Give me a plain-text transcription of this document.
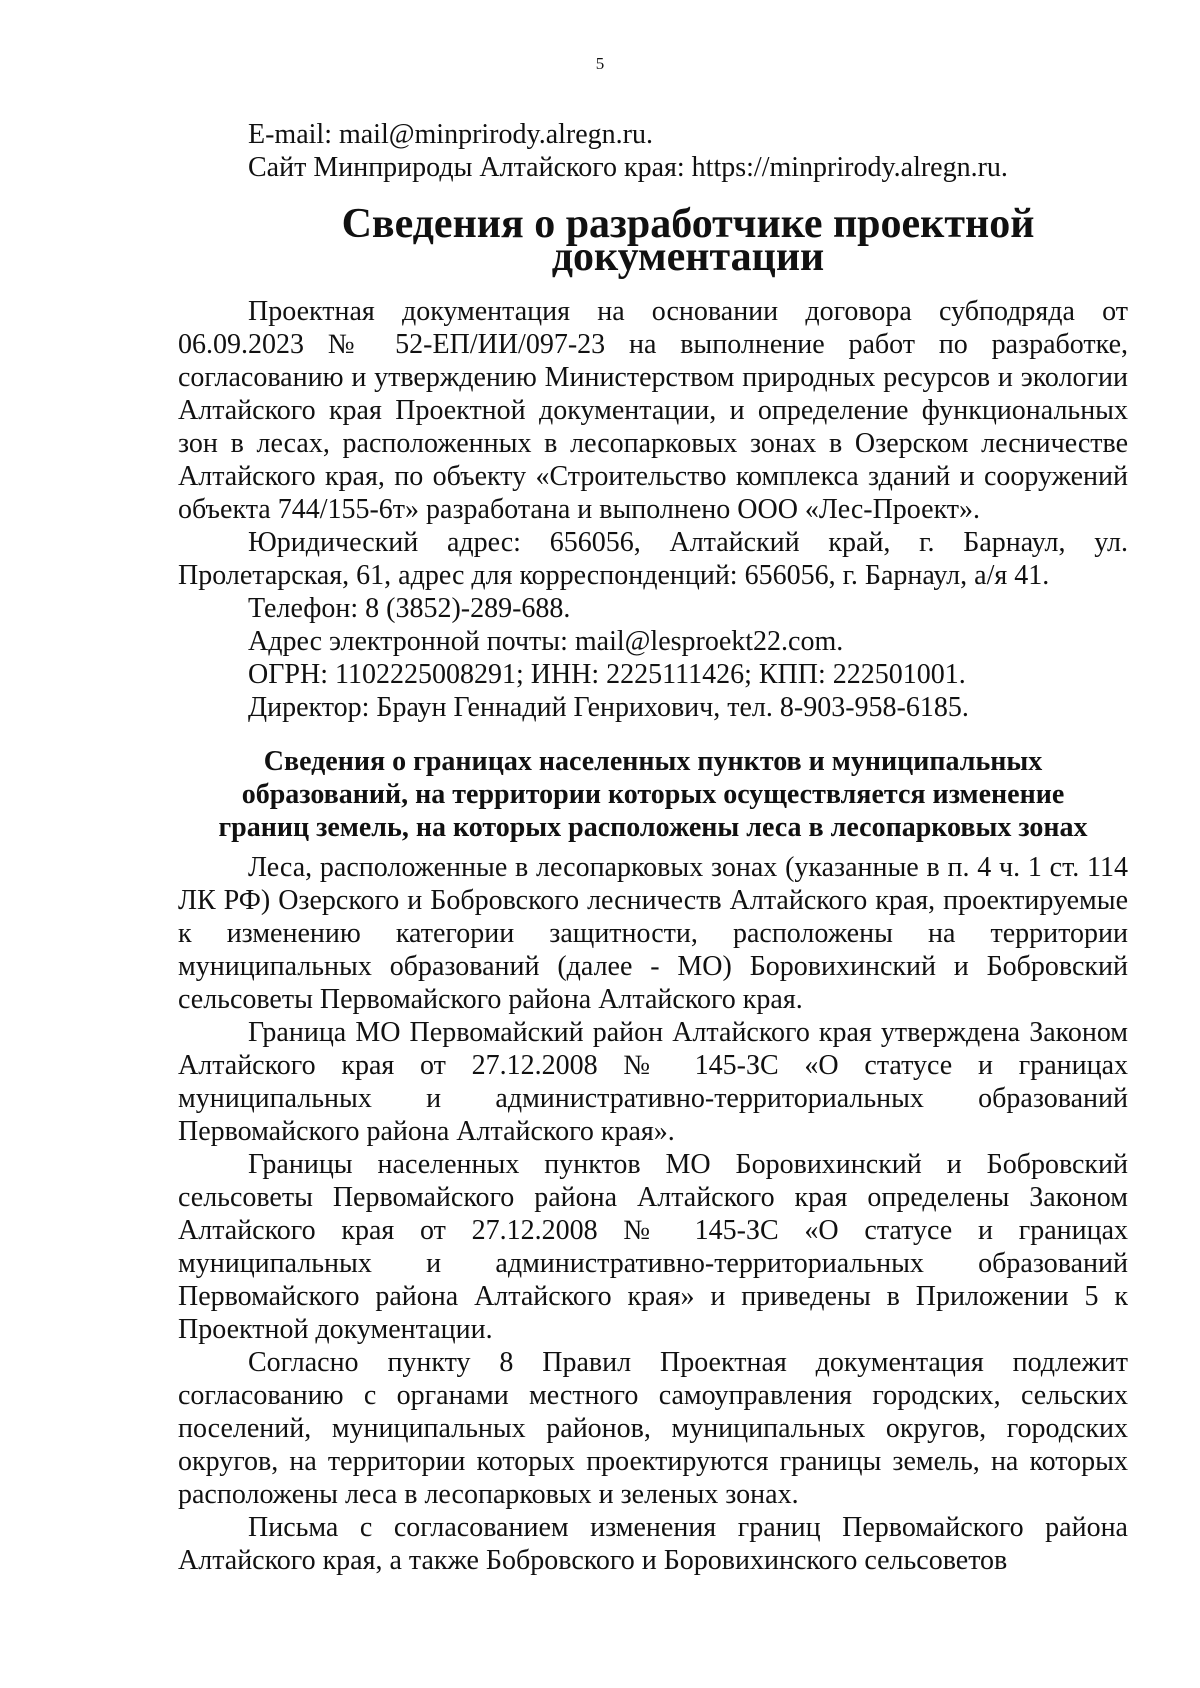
5

E-mail: mail@minprirody.alregn.ru.

Сайт Минприроды Алтайского края: https://minprirody.alregn.ru.

Сведения о разработчике проектной документации

Проектная документация на основании договора субподряда от 06.09.2023 № 52-ЕП/ИИ/097-23 на выполнение работ по разработке, согласованию и утверждению Министерством природных ресурсов и экологии Алтайского края Проектной документации, и определение функциональных зон в лесах, расположенных в лесопарковых зонах в Озерском лесничестве Алтайского края, по объекту «Строительство комплекса зданий и сооружений объекта 744/155-6т» разработана и выполнено ООО «Лес-Проект».

Юридический адрес: 656056, Алтайский край, г. Барнаул, ул. Пролетарская, 61, адрес для корреспонденций: 656056, г. Барнаул, а/я 41.

Телефон: 8 (3852)-289-688.

Адрес электронной почты: mail@lesproekt22.com.

ОГРН: 1102225008291; ИНН: 2225111426; КПП: 222501001.

Директор: Браун Геннадий Генрихович, тел. 8-903-958-6185.

Сведения о границах населенных пунктов и муниципальных
образований, на территории которых осуществляется изменение
границ земель, на которых расположены леса в лесопарковых зонах

Леса, расположенные в лесопарковых зонах (указанные в п. 4 ч. 1 ст. 114 ЛК РФ) Озерского и Бобровского лесничеств Алтайского края, проектируемые к изменению категории защитности, расположены на территории муниципальных образований (далее - МО) Боровихинский и Бобровский сельсоветы Первомайского района Алтайского края.

Граница МО Первомайский район Алтайского края утверждена Законом Алтайского края от 27.12.2008 № 145-ЗС «О статусе и границах муниципальных и административно-территориальных образований Первомайского района Алтайского края».

Границы населенных пунктов МО Боровихинский и Бобровский сельсоветы Первомайского района Алтайского края определены Законом Алтайского края от 27.12.2008 № 145-ЗС «О статусе и границах муниципальных и административно-территориальных образований Первомайского района Алтайского края» и приведены в Приложении 5 к Проектной документации.

Согласно пункту 8 Правил Проектная документация подлежит согласованию с органами местного самоуправления городских, сельских поселений, муниципальных районов, муниципальных округов, городских округов, на территории которых проектируются границы земель, на которых расположены леса в лесопарковых и зеленых зонах.

Письма с согласованием изменения границ Первомайского района Алтайского края, а также Бобровского и Боровихинского сельсоветов
